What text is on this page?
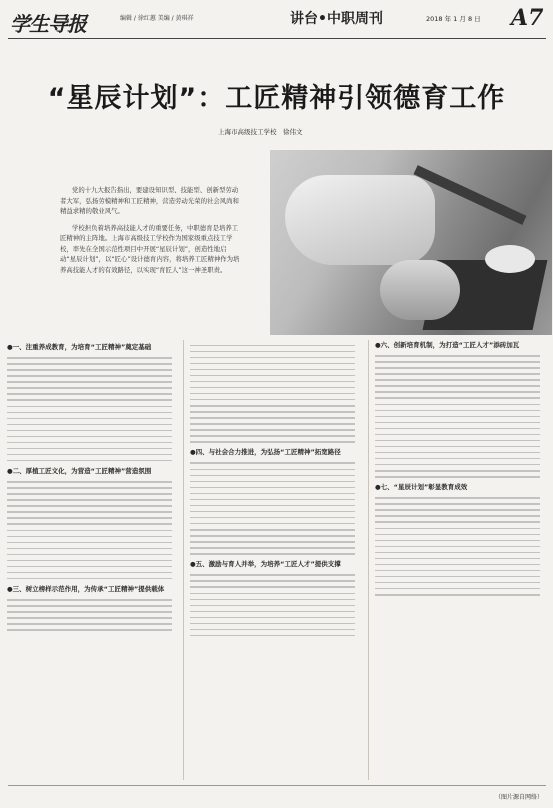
学生导报	编辑 / 徐红蕙 美编 / 黄琪祥	讲台•中职周刊	2018 年 1 月 8 日 A7
“星辰计划”：工匠精神引领德育工作
上海市高级技工学校　徐伟文

党的十九大报告指出，要建设知识型、技能型、创新型劳动者大军，弘扬劳模精神和工匠精神，营造劳动光荣的社会风尚和精益求精的敬业风气。

学校担负着培养高技能人才的重要任务，中职德育是培养工匠精神的主阵地。上海市高级技工学校作为国家级重点技工学校，率先在全国示范性项目中开展“星辰计划”，创造性地启动“星辰计划”，以“匠心”设计德育内容，将培养工匠精神作为培养高技能人才的有效路径，以实现“育匠人”这一神圣职责。

●一、注重养成教育，为培育“工匠精神”奠定基础
●二、厚植工匠文化，为营造“工匠精神”营造氛围
●三、树立榜样示范作用，为传承“工匠精神”提供载体
●四、与社会合力推进，为弘扬“工匠精神”拓宽路径
●五、激励与育人并举，为培养“工匠人才”提供支撑
●六、创新培育机制，为打造“工匠人才”添砖加瓦
●七、“星辰计划”彰显教育成效
（图片源自网络）
